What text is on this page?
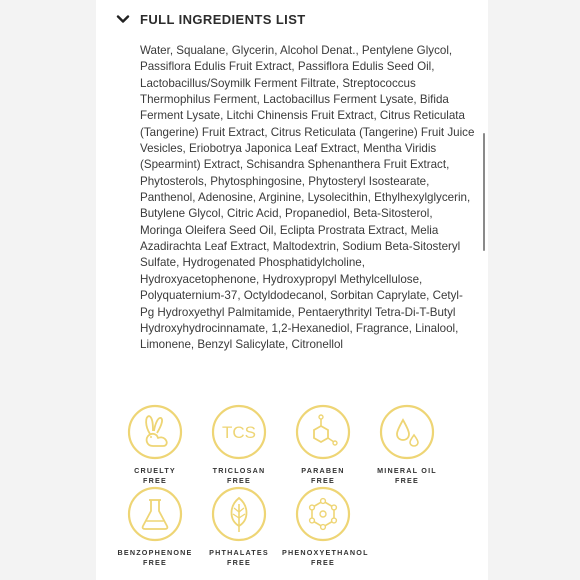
FULL INGREDIENTS LIST
Water, Squalane, Glycerin, Alcohol Denat., Pentylene Glycol,
Passiflora Edulis Fruit Extract, Passiflora Edulis Seed Oil,
Lactobacillus/Soymilk Ferment Filtrate, Streptococcus
Thermophilus Ferment, Lactobacillus Ferment Lysate, Bifida
Ferment Lysate, Litchi Chinensis Fruit Extract, Citrus Reticulata
(Tangerine) Fruit Extract, Citrus Reticulata (Tangerine) Fruit Juice
Vesicles, Eriobotrya Japonica Leaf Extract, Mentha Viridis
(Spearmint) Extract, Schisandra Sphenanthera Fruit Extract,
Phytosterols, Phytosphingosine, Phytosteryl Isostearate,
Panthenol, Adenosine, Arginine, Lysolecithin, Ethylhexylglycerin,
Butylene Glycol, Citric Acid, Propanediol, Beta-Sitosterol,
Moringa Oleifera Seed Oil, Eclipta Prostrata Extract, Melia
Azadirachta Leaf Extract, Maltodextrin, Sodium Beta-Sitosteryl
Sulfate, Hydrogenated Phosphatidylcholine,
Hydroxyacetophenone, Hydroxypropyl Methylcellulose,
Polyquaternium-37, Octyldodecanol, Sorbitan Caprylate, Cetyl-
Pg Hydroxyethyl Palmitamide, Pentaerythrityl Tetra-Di-T-Butyl
Hydroxyhydrocinnamate, 1,2-Hexanediol, Fragrance, Linalool,
Limonene, Benzyl Salicylate, Citronellol
CRUELTY
FREE
TCS
TRICLOSAN
FREE
PARABEN
FREE
MINERAL OIL
FREE
BENZOPHENONE
FREE
PHTHALATES
FREE
PHENOXYETHANOL
FREE
